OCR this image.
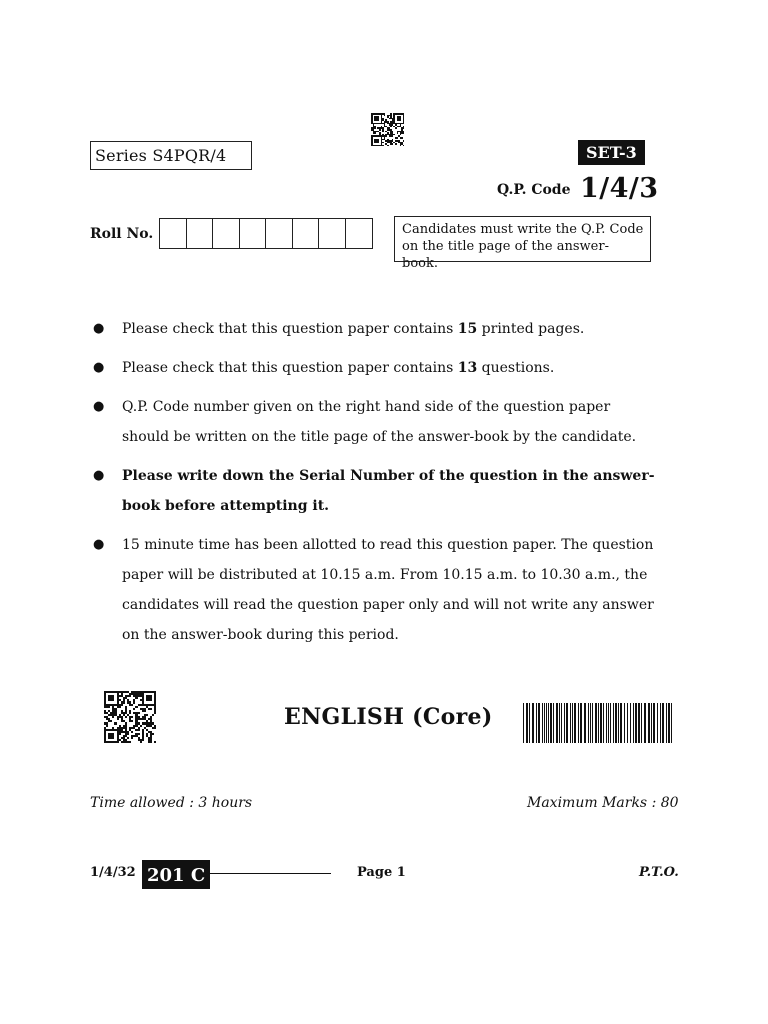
Series S4PQR/4	SET-3
Q.P. Code 1/4/3
Roll No.	Candidates must write the Q.P. Code on the title page of the answer-book.
● Please check that this question paper contains 15 printed pages.
● Please check that this question paper contains 13 questions.
● Q.P. Code number given on the right hand side of the question paper should be written on the title page of the answer-book by the candidate.
● Please write down the Serial Number of the question in the answer-book before attempting it.
● 15 minute time has been allotted to read this question paper. The question paper will be distributed at 10.15 a.m. From 10.15 a.m. to 10.30 a.m., the candidates will read the question paper only and will not write any answer on the answer-book during this period.
ENGLISH (Core)
Time allowed : 3 hours	Maximum Marks : 80
1/4/32 201 C	Page 1	P.T.O.
